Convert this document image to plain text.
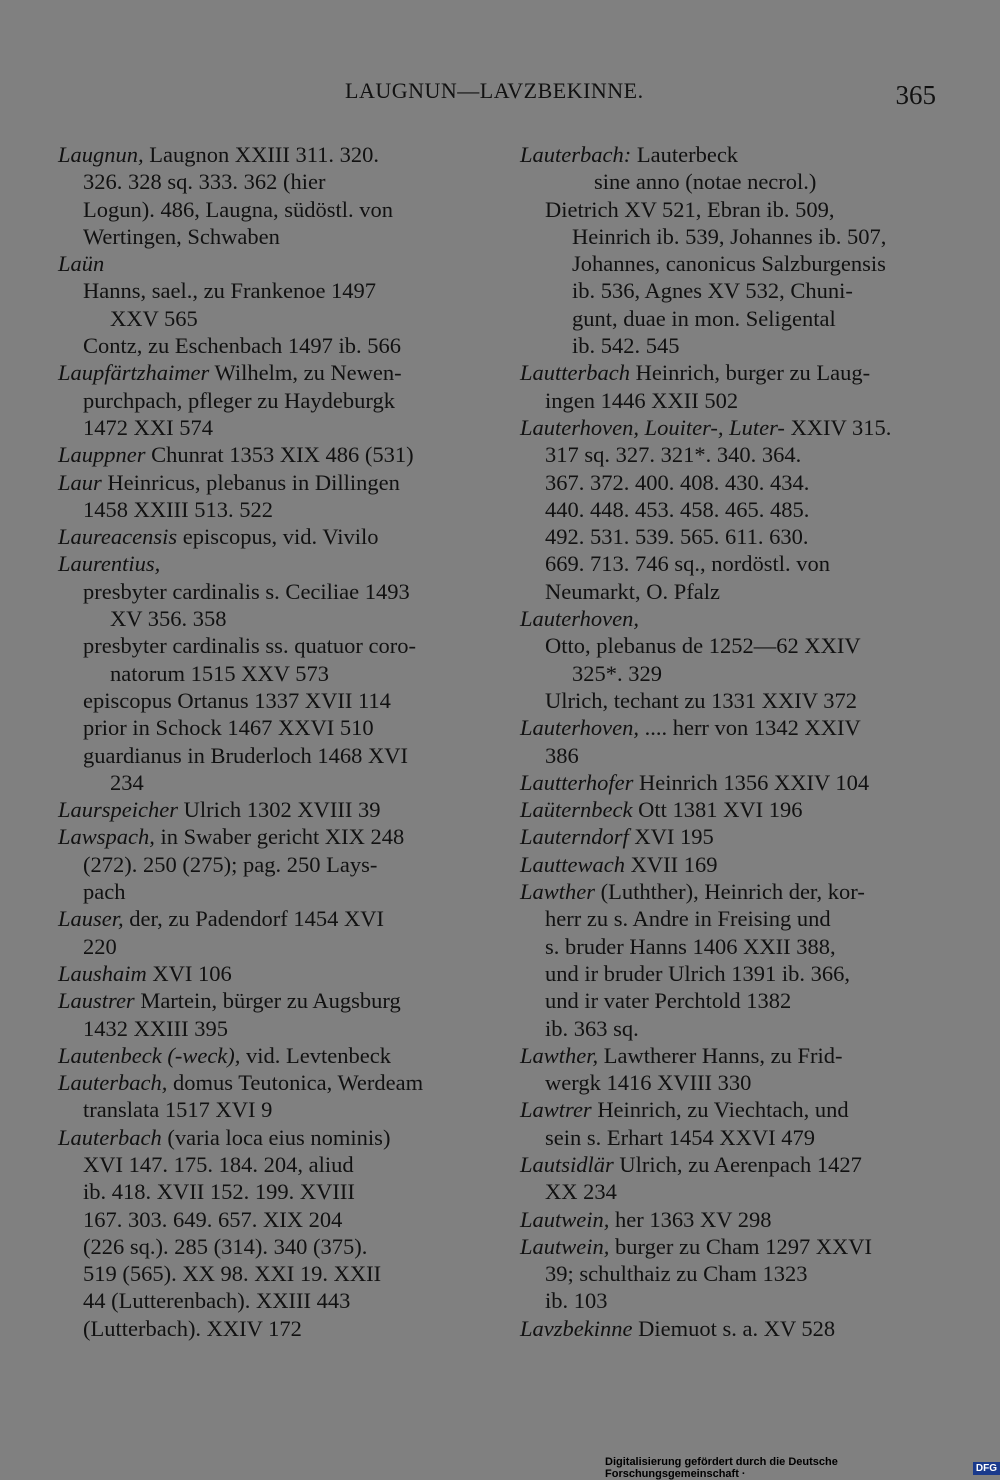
LAUGNUN—LAVZBEKINNE.	365
Laugnun, Laugnon XXIII 311. 320.
326. 328 sq. 333. 362 (hier
Logun). 486, Laugna, südöstl. von
Wertingen, Schwaben
Laün
Hanns, sael., zu Frankenoe 1497
XXV 565
Contz, zu Eschenbach 1497 ib. 566
Laupfärtzhaimer Wilhelm, zu Newen-
purchpach, pfleger zu Haydeburgk
1472 XXI 574
Lauppner Chunrat 1353 XIX 486 (531)
Laur Heinricus, plebanus in Dillingen
1458 XXIII 513. 522
Laureacensis episcopus, vid. Vivilo
Laurentius,
presbyter cardinalis s. Ceciliae 1493
XV 356. 358
presbyter cardinalis ss. quatuor coro-
natorum 1515 XXV 573
episcopus Ortanus 1337 XVII 114
prior in Schock 1467 XXVI 510
guardianus in Bruderloch 1468 XVI
234
Laurspeicher Ulrich 1302 XVIII 39
Lawspach, in Swaber gericht XIX 248
(272). 250 (275); pag. 250 Lays-
pach
Lauser, der, zu Padendorf 1454 XVI
220
Laushaim XVI 106
Laustrer Martein, bürger zu Augsburg
1432 XXIII 395
Lautenbeck (-weck), vid. Levtenbeck
Lauterbach, domus Teutonica, Werdeam
translata 1517 XVI 9
Lauterbach (varia loca eius nominis)
XVI 147. 175. 184. 204, aliud
ib. 418. XVII 152. 199. XVIII
167. 303. 649. 657. XIX 204
(226 sq.). 285 (314). 340 (375).
519 (565). XX 98. XXI 19. XXII
44 (Lutterenbach). XXIII 443
(Lutterbach). XXIV 172
Lauterbach: Lauterbeck
sine anno (notae necrol.)
Dietrich XV 521, Ebran ib. 509,
Heinrich ib. 539, Johannes ib. 507,
Johannes, canonicus Salzburgensis
ib. 536, Agnes XV 532, Chuni-
gunt, duae in mon. Seligental
ib. 542. 545
Lautterbach Heinrich, burger zu Laug-
ingen 1446 XXII 502
Lauterhoven, Louiter-, Luter- XXIV 315.
317 sq. 327. 321*. 340. 364.
367. 372. 400. 408. 430. 434.
440. 448. 453. 458. 465. 485.
492. 531. 539. 565. 611. 630.
669. 713. 746 sq., nordöstl. von
Neumarkt, O. Pfalz
Lauterhoven,
Otto, plebanus de 1252—62 XXIV
325*. 329
Ulrich, techant zu 1331 XXIV 372
Lauterhoven, .... herr von 1342 XXIV
386
Lautterhofer Heinrich 1356 XXIV 104
Laüternbeck Ott 1381 XVI 196
Lauterndorf XVI 195
Lauttewach XVII 169
Lawther (Luthther), Heinrich der, kor-
herr zu s. Andre in Freising und
s. bruder Hanns 1406 XXII 388,
und ir bruder Ulrich 1391 ib. 366,
und ir vater Perchtold 1382
ib. 363 sq.
Lawther, Lawtherer Hanns, zu Frid-
wergk 1416 XVIII 330
Lawtrer Heinrich, zu Viechtach, und
sein s. Erhart 1454 XXVI 479
Lautsidlär Ulrich, zu Aerenpach 1427
XX 234
Lautwein, her 1363 XV 298
Lautwein, burger zu Cham 1297 XXVI
39; schulthaiz zu Cham 1323
ib. 103
Lavzbekinne Diemuot s. a. XV 528
Digitalisierung gefördert durch die Deutsche Forschungsgemeinschaft ·	DFG
